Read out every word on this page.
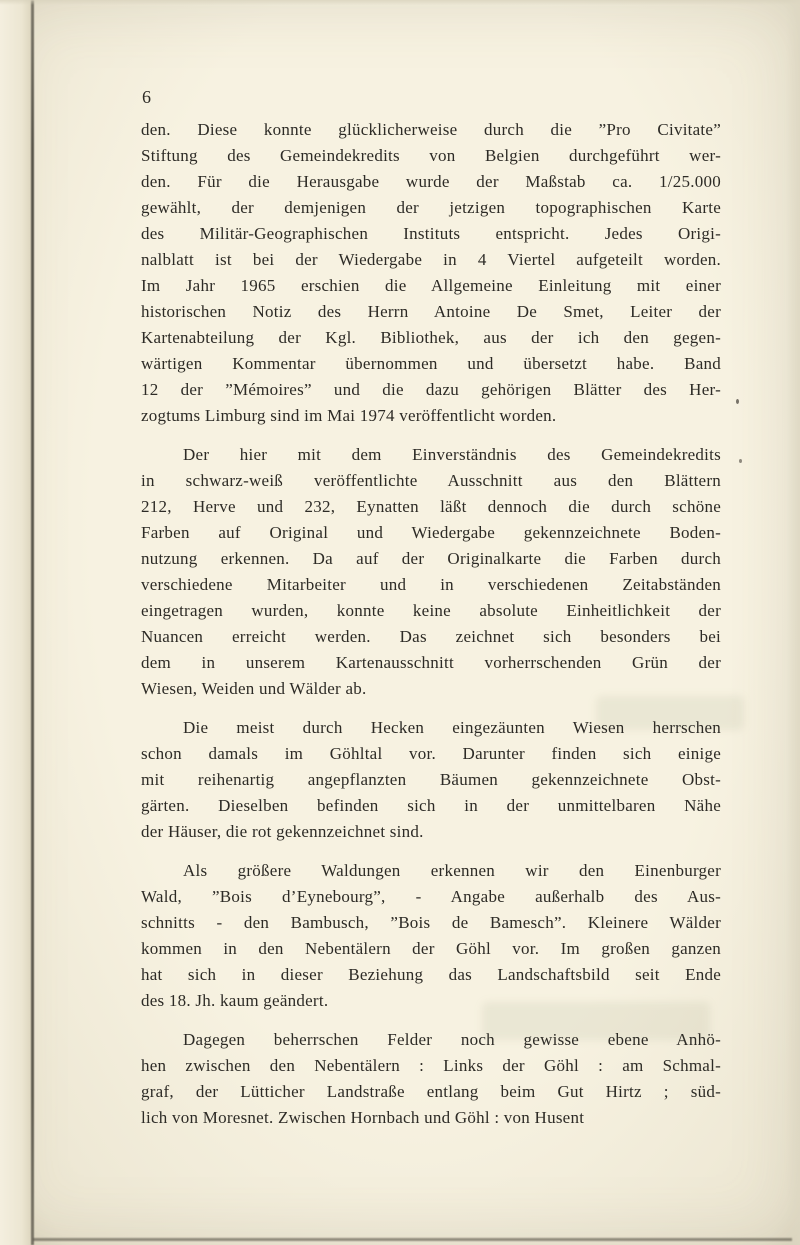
6
den. Diese konnte glücklicherweise durch die ”Pro Civitate”
Stiftung des Gemeindekredits von Belgien durchgeführt wer-
den. Für die Herausgabe wurde der Maßstab ca. 1/25.000
gewählt, der demjenigen der jetzigen topographischen Karte
des Militär-Geographischen Instituts entspricht. Jedes Origi-
nalblatt ist bei der Wiedergabe in 4 Viertel aufgeteilt worden.
Im Jahr 1965 erschien die Allgemeine Einleitung mit einer
historischen Notiz des Herrn Antoine De Smet, Leiter der
Kartenabteilung der Kgl. Bibliothek, aus der ich den gegen-
wärtigen Kommentar übernommen und übersetzt habe. Band
12 der ”Mémoires” und die dazu gehörigen Blätter des Her-
zogtums Limburg sind im Mai 1974 veröffentlicht worden.
Der hier mit dem Einverständnis des Gemeindekredits
in schwarz-weiß veröffentlichte Ausschnitt aus den Blättern
212, Herve und 232, Eynatten läßt dennoch die durch schöne
Farben auf Original und Wiedergabe gekennzeichnete Boden-
nutzung erkennen. Da auf der Originalkarte die Farben durch
verschiedene Mitarbeiter und in verschiedenen Zeitabständen
eingetragen wurden, konnte keine absolute Einheitlichkeit der
Nuancen erreicht werden. Das zeichnet sich besonders bei
dem in unserem Kartenausschnitt vorherrschenden Grün der
Wiesen, Weiden und Wälder ab.
Die meist durch Hecken eingezäunten Wiesen herrschen
schon damals im Göhltal vor. Darunter finden sich einige
mit reihenartig angepflanzten Bäumen gekennzeichnete Obst-
gärten. Dieselben befinden sich in der unmittelbaren Nähe
der Häuser, die rot gekennzeichnet sind.
Als größere Waldungen erkennen wir den Einenburger
Wald, ”Bois d’Eynebourg”, - Angabe außerhalb des Aus-
schnitts - den Bambusch, ”Bois de Bamesch”. Kleinere Wälder
kommen in den Nebentälern der Göhl vor. Im großen ganzen
hat sich in dieser Beziehung das Landschaftsbild seit Ende
des 18. Jh. kaum geändert.
Dagegen beherrschen Felder noch gewisse ebene Anhö-
hen zwischen den Nebentälern : Links der Göhl : am Schmal-
graf, der Lütticher Landstraße entlang beim Gut Hirtz ; süd-
lich von Moresnet. Zwischen Hornbach und Göhl : von Husent
